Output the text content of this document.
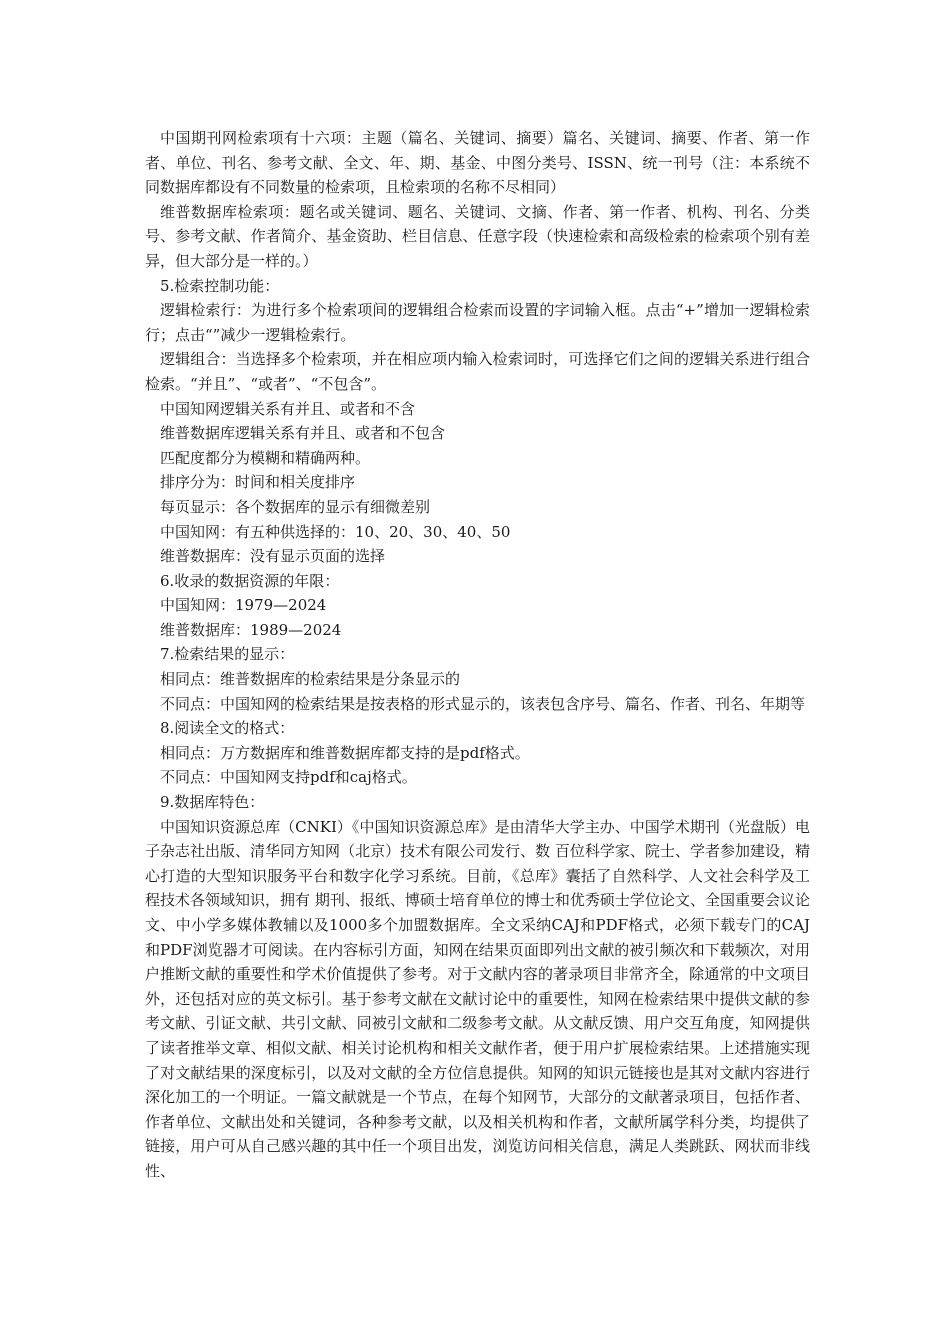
中国期刊网检索项有十六项：主题（篇名、关键词、摘要）篇名、关键词、摘要、作者、第一作者、单位、刊名、参考文献、全文、年、期、基金、中图分类号、ISSN、统一刊号（注：本系统不同数据库都设有不同数量的检索项，且检索项的名称不尽相同）

维普数据库检索项：题名或关键词、题名、关键词、文摘、作者、第一作者、机构、刊名、分类号、参考文献、作者简介、基金资助、栏目信息、任意字段（快速检索和高级检索的检索项个别有差异，但大部分是一样的。）

5.检索控制功能：

逻辑检索行：为进行多个检索项间的逻辑组合检索而设置的字词输入框。点击“+”增加一逻辑检索行；点击“”减少一逻辑检索行。

逻辑组合：当选择多个检索项，并在相应项内输入检索词时，可选择它们之间的逻辑关系进行组合检索。“并且”、“或者”、“不包含”。

中国知网逻辑关系有并且、或者和不含

维普数据库逻辑关系有并且、或者和不包含

匹配度都分为模糊和精确两种。

排序分为：时间和相关度排序

每页显示：各个数据库的显示有细微差别

中国知网：有五种供选择的：10、20、30、40、50

维普数据库：没有显示页面的选择

6.收录的数据资源的年限：

中国知网：1979—2024

维普数据库：1989—2024

7.检索结果的显示：

相同点：维普数据库的检索结果是分条显示的

不同点：中国知网的检索结果是按表格的形式显示的，该表包含序号、篇名、作者、刊名、年期等

8.阅读全文的格式：

相同点：万方数据库和维普数据库都支持的是pdf格式。

不同点：中国知网支持pdf和caj格式。

9.数据库特色：

中国知识资源总库（CNKI）《中国知识资源总库》是由清华大学主办、中国学术期刊（光盘版）电子杂志社出版、清华同方知网（北京）技术有限公司发行、数 百位科学家、院士、学者参加建设，精心打造的大型知识服务平台和数字化学习系统。目前，《总库》囊括了自然科学、人文社会科学及工程技术各领域知识，拥有 期刊、报纸、博硕士培育单位的博士和优秀硕士学位论文、全国重要会议论文、中小学多媒体教辅以及1000多个加盟数据库。全文采纳CAJ和PDF格式，必须下载专门的CAJ和PDF浏览器才可阅读。在内容标引方面，知网在结果页面即列出文献的被引频次和下载频次，对用户推断文献的重要性和学术价值提供了参考。对于文献内容的著录项目非常齐全，除通常的中文项目外，还包括对应的英文标引。基于参考文献在文献讨论中的重要性，知网在检索结果中提供文献的参考文献、引证文献、共引文献、同被引文献和二级参考文献。从文献反馈、用户交互角度，知网提供了读者推举文章、相似文献、相关讨论机构和相关文献作者，便于用户扩展检索结果。上述措施实现了对文献结果的深度标引，以及对文献的全方位信息提供。知网的知识元链接也是其对文献内容进行深化加工的一个明证。一篇文献就是一个节点，在每个知网节，大部分的文献著录项目，包括作者、作者单位、文献出处和关键词，各种参考文献，以及相关机构和作者，文献所属学科分类，均提供了链接，用户可从自己感兴趣的其中任一个项目出发，浏览访问相关信息，满足人类跳跃、网状而非线性、
